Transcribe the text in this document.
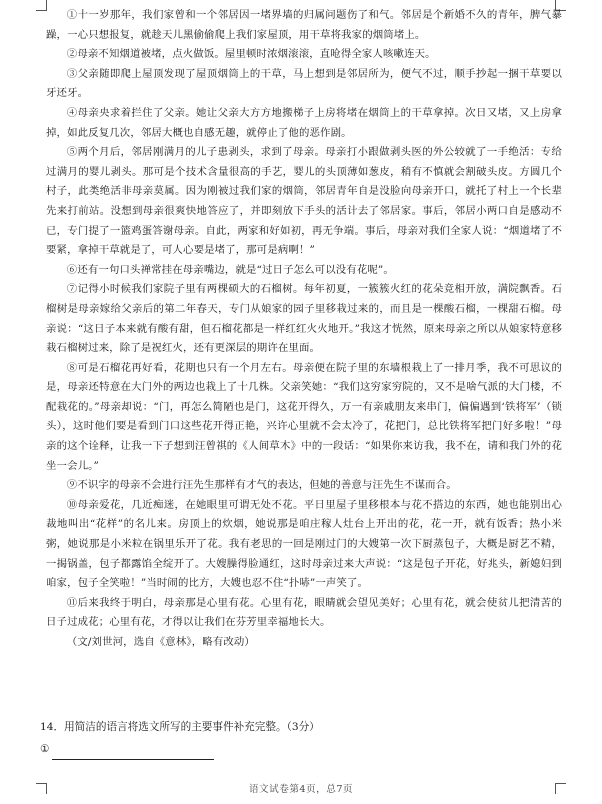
①十一岁那年，我们家曾和一个邻居因一堵界墙的归属问题伤了和气。邻居是个新婚不久的青年，脾气暴躁，一心只想报复，就趁天儿黑偷偷爬上我们家屋顶，用干草将我家的烟筒堵上。

②母亲不知烟道被堵，点火做饭。屋里顿时浓烟滚滚，直呛得全家人咳嗽连天。

③父亲随即爬上屋顶发现了屋顶烟筒上的干草，马上想到是邻居所为，便气不过，顺手抄起一捆干草要以牙还牙。

④母亲央求着拦住了父亲。她让父亲大方方地搬梯子上房将堵在烟筒上的干草拿掉。次日又堵，又上房拿掉，如此反复几次，邻居大概也自感无趣，就停止了他的恶作剧。

⑤两个月后，邻居刚满月的儿子患剥头，求到了母亲。母亲打小跟做剥头医的外公较就了一手绝活：专给过满月的婴儿剥头。那可是个技术含量很高的手艺，婴儿的头顶薄如葱皮，稍有不慎就会割破头皮。方圆几个村子，此类绝活非母亲莫属。因为刚被过我们家的烟筒，邻居青年自是没脸向母亲开口，就托了村上一个长辈先来打前站。没想到母亲很爽快地答应了，并即刻放下手头的活计去了邻居家。事后，邻居小两口自是感动不已，专门提了一篮鸡蛋答谢母亲。自此，两家和好如初，再无争端。事后，母亲对我们全家人说：“烟道堵了不要紧，拿掉干草就是了，可人心要是堵了，那可是病啊！”

⑥还有一句口头禅常挂在母亲嘴边，就是“过日子怎么可以没有花呢”。

⑦记得小时候我们家院子里有两棵硕大的石榴树。每年初夏，一簇簇火红的花朵竞相开放，满院飘香。石榴树是母亲嫁给父亲后的第二年春天，专门从娘家的园子里移栽过来的，而且是一棵酸石榴，一棵甜石榴。母亲说：“这日子本来就有酸有甜，但石榴花都是一样红红火火地开。”我这才恍然，原来母亲之所以从娘家特意移栽石榴树过来，除了是祝红火，还有更深层的期许在里面。

⑧可是石榴花再好看，花期也只有一个月左右。母亲便在院子里的东墙根栽上了一排月季，我不可思议的是，母亲还特意在大门外的两边也栽上了十几株。父亲笑她：“我们这穷家穷院的，又不是啥气派的大门楼，不配栽花的。”母亲却说：“门，再怎么简陋也是门，这花开得久，万一有亲戚朋友来串门，偏偏遇到‘铁将军’（锁头），这时他们要是看到门口这些花开得正艳，兴许心里就不会太冷了，花把门，总比铁将军把门好多啦！”母亲的这个诠释，让我一下子想到汪曾祺的《人间草木》中的一段话：“如果你来访我，我不在，请和我门外的花坐一会儿。”

⑨不识字的母亲不会进行汪先生那样有才气的表达，但她的善意与汪先生不谋而合。

⑩母亲爱花，几近痴迷，在她眼里可谓无处不花。平日里屋子里移根本与花不搭边的东西，她也能别出心裁地叫出“花样”的名儿来。房顶上的炊烟，她说那是咱庄稼人灶台上开出的花，花一开，就有饭香；热小米粥，她说那是小米粒在锅里乐开了花。我有老思的一回是刚过门的大嫂第一次下厨蒸包子，大概是厨艺不精，一揭锅盖，包子都露馅全绽开了。大嫂臊得脸通红，这时母亲过来大声说：“这是包子开花，好兆头，新媳妇到咱家，包子全笑啦！”当时闹的比方，大嫂也忍不住“扑哧”一声笑了。

⑪后来我终于明白，母亲那是心里有花。心里有花，眼睛就会望见美好；心里有花，就会使贫儿把清苦的日子过成花；心里有花，才得以让我们在芬芳里幸福地长大。

（文/刘世河，选自《意林》，略有改动）

14．用简洁的语言将选文所写的主要事件补充完整。（3分）
①
语文试卷第4页，总7页
